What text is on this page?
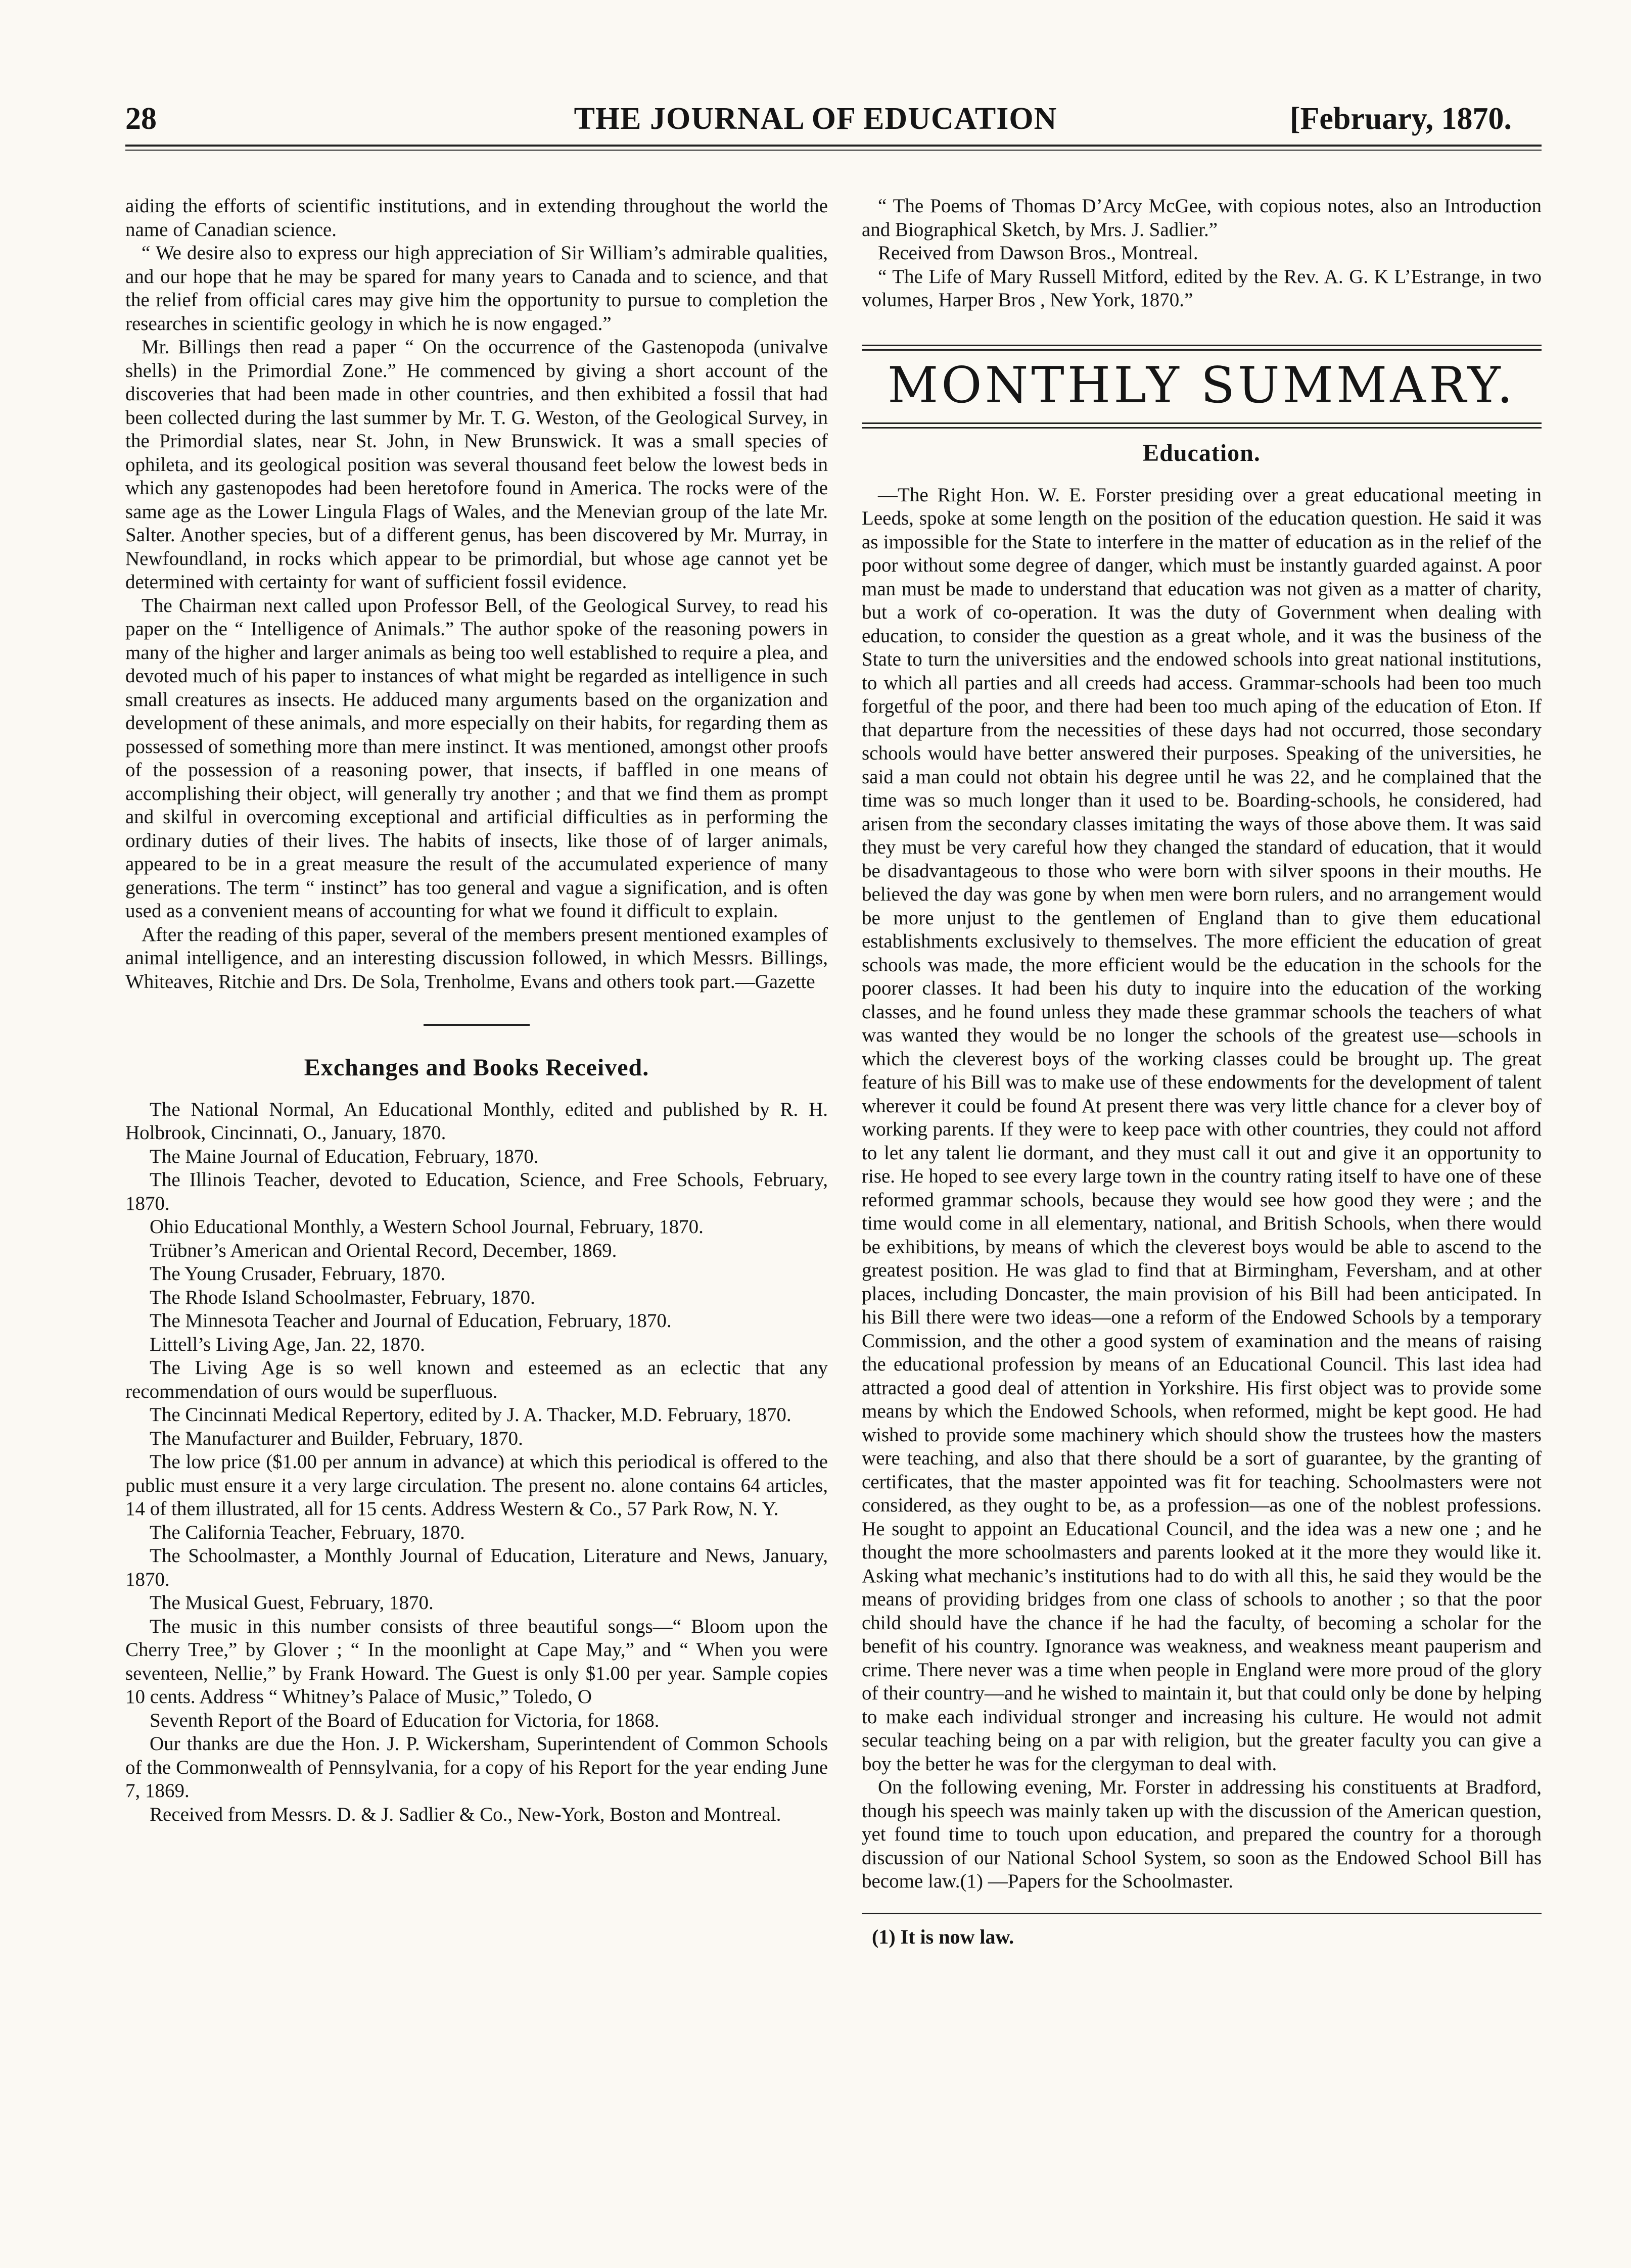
28	THE JOURNAL OF EDUCATION	[February, 1870.

aiding the efforts of scientific institutions, and in extending throughout the world the name of Canadian science.

“ We desire also to express our high appreciation of Sir William’s admirable qualities, and our hope that he may be spared for many years to Canada and to science, and that the relief from official cares may give him the opportunity to pursue to completion the researches in scientific geology in which he is now engaged.”

Mr. Billings then read a paper “ On the occurrence of the Gastenopoda (univalve shells) in the Primordial Zone.” He commenced by giving a short account of the discoveries that had been made in other countries, and then exhibited a fossil that had been collected during the last summer by Mr. T. G. Weston, of the Geological Survey, in the Primordial slates, near St. John, in New Brunswick. It was a small species of ophileta, and its geological position was several thousand feet below the lowest beds in which any gastenopodes had been heretofore found in America. The rocks were of the same age as the Lower Lingula Flags of Wales, and the Menevian group of the late Mr. Salter. Another species, but of a different genus, has been discovered by Mr. Murray, in Newfoundland, in rocks which appear to be primordial, but whose age cannot yet be determined with certainty for want of sufficient fossil evidence.

The Chairman next called upon Professor Bell, of the Geological Survey, to read his paper on the “ Intelligence of Animals.” The author spoke of the reasoning powers in many of the higher and larger animals as being too well established to require a plea, and devoted much of his paper to instances of what might be regarded as intelligence in such small creatures as insects. He adduced many arguments based on the organization and development of these animals, and more especially on their habits, for regarding them as possessed of something more than mere instinct. It was mentioned, amongst other proofs of the possession of a reasoning power, that insects, if baffled in one means of accomplishing their object, will generally try another ; and that we find them as prompt and skilful in overcoming exceptional and artificial difficulties as in performing the ordinary duties of their lives. The habits of insects, like those of of larger animals, appeared to be in a great measure the result of the accumulated experience of many generations. The term “ instinct” has too general and vague a signification, and is often used as a convenient means of accounting for what we found it difficult to explain.

After the reading of this paper, several of the members present mentioned examples of animal intelligence, and an interesting discussion followed, in which Messrs. Billings, Whiteaves, Ritchie and Drs. De Sola, Trenholme, Evans and others took part.—Gazette

Exchanges and Books Received.

The National Normal, An Educational Monthly, edited and published by R. H. Holbrook, Cincinnati, O., January, 1870.

The Maine Journal of Education, February, 1870.

The Illinois Teacher, devoted to Education, Science, and Free Schools, February, 1870.

Ohio Educational Monthly, a Western School Journal, February, 1870.

Trübner’s American and Oriental Record, December, 1869.

The Young Crusader, February, 1870.

The Rhode Island Schoolmaster, February, 1870.

The Minnesota Teacher and Journal of Education, February, 1870.

Littell’s Living Age, Jan. 22, 1870.

The Living Age is so well known and esteemed as an eclectic that any recommendation of ours would be superfluous.

The Cincinnati Medical Repertory, edited by J. A. Thacker, M.D. February, 1870.

The Manufacturer and Builder, February, 1870.

The low price ($1.00 per annum in advance) at which this periodical is offered to the public must ensure it a very large circulation. The present no. alone contains 64 articles, 14 of them illustrated, all for 15 cents. Address Western & Co., 57 Park Row, N. Y.

The California Teacher, February, 1870.

The Schoolmaster, a Monthly Journal of Education, Literature and News, January, 1870.

The Musical Guest, February, 1870.

The music in this number consists of three beautiful songs—“ Bloom upon the Cherry Tree,” by Glover ; “ In the moonlight at Cape May,” and “ When you were seventeen, Nellie,” by Frank Howard. The Guest is only $1.00 per year. Sample copies 10 cents. Address “ Whitney’s Palace of Music,” Toledo, O

Seventh Report of the Board of Education for Victoria, for 1868.

Our thanks are due the Hon. J. P. Wickersham, Superintendent of Common Schools of the Commonwealth of Pennsylvania, for a copy of his Report for the year ending June 7, 1869.

Received from Messrs. D. & J. Sadlier & Co., New-York, Boston and Montreal.

“ The Poems of Thomas D’Arcy McGee, with copious notes, also an Introduction and Biographical Sketch, by Mrs. J. Sadlier.”

Received from Dawson Bros., Montreal.

“ The Life of Mary Russell Mitford, edited by the Rev. A. G. K L’Estrange, in two volumes, Harper Bros , New York, 1870.”

MONTHLY SUMMARY.
Education.

—The Right Hon. W. E. Forster presiding over a great educational meeting in Leeds, spoke at some length on the position of the education question. He said it was as impossible for the State to interfere in the matter of education as in the relief of the poor without some degree of danger, which must be instantly guarded against. A poor man must be made to understand that education was not given as a matter of charity, but a work of co-operation. It was the duty of Government when dealing with education, to consider the question as a great whole, and it was the business of the State to turn the universities and the endowed schools into great national institutions, to which all parties and all creeds had access. Grammar-schools had been too much forgetful of the poor, and there had been too much aping of the education of Eton. If that departure from the necessities of these days had not occurred, those secondary schools would have better answered their purposes. Speaking of the universities, he said a man could not obtain his degree until he was 22, and he complained that the time was so much longer than it used to be. Boarding-schools, he considered, had arisen from the secondary classes imitating the ways of those above them. It was said they must be very careful how they changed the standard of education, that it would be disadvantageous to those who were born with silver spoons in their mouths. He believed the day was gone by when men were born rulers, and no arrangement would be more unjust to the gentlemen of England than to give them educational establishments exclusively to themselves. The more efficient the education of great schools was made, the more efficient would be the education in the schools for the poorer classes. It had been his duty to inquire into the education of the working classes, and he found unless they made these grammar schools the teachers of what was wanted they would be no longer the schools of the greatest use—schools in which the cleverest boys of the working classes could be brought up. The great feature of his Bill was to make use of these endowments for the development of talent wherever it could be found At present there was very little chance for a clever boy of working parents. If they were to keep pace with other countries, they could not afford to let any talent lie dormant, and they must call it out and give it an opportunity to rise. He hoped to see every large town in the country rating itself to have one of these reformed grammar schools, because they would see how good they were ; and the time would come in all elementary, national, and British Schools, when there would be exhibitions, by means of which the cleverest boys would be able to ascend to the greatest position. He was glad to find that at Birmingham, Feversham, and at other places, including Doncaster, the main provision of his Bill had been anticipated. In his Bill there were two ideas—one a reform of the Endowed Schools by a temporary Commission, and the other a good system of examination and the means of raising the educational profession by means of an Educational Council. This last idea had attracted a good deal of attention in Yorkshire. His first object was to provide some means by which the Endowed Schools, when reformed, might be kept good. He had wished to provide some machinery which should show the trustees how the masters were teaching, and also that there should be a sort of guarantee, by the granting of certificates, that the master appointed was fit for teaching. Schoolmasters were not considered, as they ought to be, as a profession—as one of the noblest professions. He sought to appoint an Educational Council, and the idea was a new one ; and he thought the more schoolmasters and parents looked at it the more they would like it. Asking what mechanic’s institutions had to do with all this, he said they would be the means of providing bridges from one class of schools to another ; so that the poor child should have the chance if he had the faculty, of becoming a scholar for the benefit of his country. Ignorance was weakness, and weakness meant pauperism and crime. There never was a time when people in England were more proud of the glory of their country—and he wished to maintain it, but that could only be done by helping to make each individual stronger and increasing his culture. He would not admit secular teaching being on a par with religion, but the greater faculty you can give a boy the better he was for the clergyman to deal with.

On the following evening, Mr. Forster in addressing his constituents at Bradford, though his speech was mainly taken up with the discussion of the American question, yet found time to touch upon education, and prepared the country for a thorough discussion of our National School System, so soon as the Endowed School Bill has become law.(1) —Papers for the Schoolmaster.

(1) It is now law.
